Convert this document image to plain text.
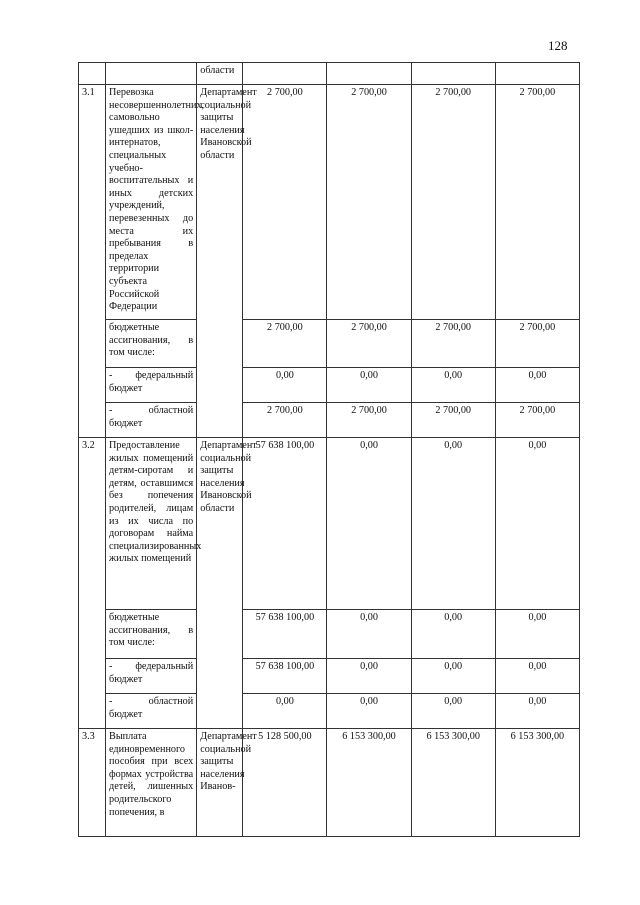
128
		области				
3.1	Перевозка несовершеннолетних, самовольно ушедших из школ-интернатов, специальных учебно-воспитательных и иных детских учреждений, перевезенных до места их пребывания в пределах территории субъекта Российской Федерации	Департамент социальной защиты населения Ивановской области	2 700,00	2 700,00	2 700,00	2 700,00
	бюджетные ассигнования, в том числе:		2 700,00	2 700,00	2 700,00	2 700,00
	- федеральный бюджет		0,00	0,00	0,00	0,00
	- областной бюджет		2 700,00	2 700,00	2 700,00	2 700,00
3.2	Предоставление жилых помещений детям-сиротам и детям, оставшимся без попечения родителей, лицам из их числа по договорам найма специализированных жилых помещений	Департамент социальной защиты населения Ивановской области	57 638 100,00	0,00	0,00	0,00
	бюджетные ассигнования, в том числе:		57 638 100,00	0,00	0,00	0,00
	- федеральный бюджет		57 638 100,00	0,00	0,00	0,00
	- областной бюджет		0,00	0,00	0,00	0,00
3.3	Выплата единовременного пособия при всех формах устройства детей, лишенных родительского попечения, в	Департамент социальной защиты населения Иванов-	5 128 500,00	6 153 300,00	6 153 300,00	6 153 300,00
